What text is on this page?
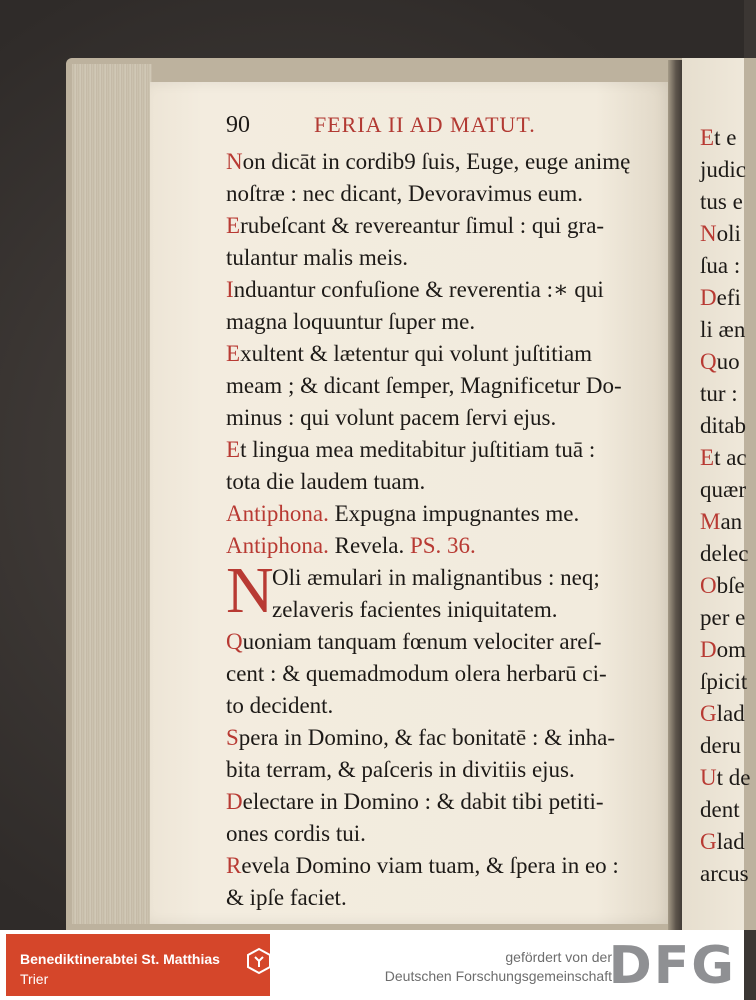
90	FERIA II AD MATUT.
Non dicāt in cordib9 ſuis, Euge, euge animę
noſtræ : nec dicant, Devoravimus eum.
Erubeſcant & revereantur ſimul : qui gra-
tulantur malis meis.
Induantur confuſione & reverentia :∗ qui
magna loquuntur ſuper me.
Exultent & lætentur qui volunt juſtitiam
meam ; & dicant ſemper, Magnificetur Do-
minus : qui volunt pacem ſervi ejus.
Et lingua mea meditabitur juſtitiam tuā :
tota die laudem tuam.
Antiphona. Expugna impugnantes me.
Antiphona. Revela. PS. 36.
N
Oli æmulari in malignantibus : neq;
zelaveris facientes iniquitatem.
Quoniam tanquam fœnum velociter areſ-
cent : & quemadmodum olera herbarū ci-
to decident.
Spera in Domino, & fac bonitatē : & inha-
bita terram, & paſceris in divitiis ejus.
Delectare in Domino : & dabit tibi petiti-
ones cordis tui.
Revela Domino viam tuam, & ſpera in eo :
& ipſe faciet.
Et e
judic
tus e
Noli
ſua :
Defi
li æn
Quo
tur :
ditab
Et ac
quær
Man
delec
Obſe
per e
Dom
ſpicit
Glad
deru
Ut de
dent
Glad
arcus
Benediktinerabtei St. Matthias
Trier
gefördert von der
Deutschen Forschungsgemeinschaft
DFG
